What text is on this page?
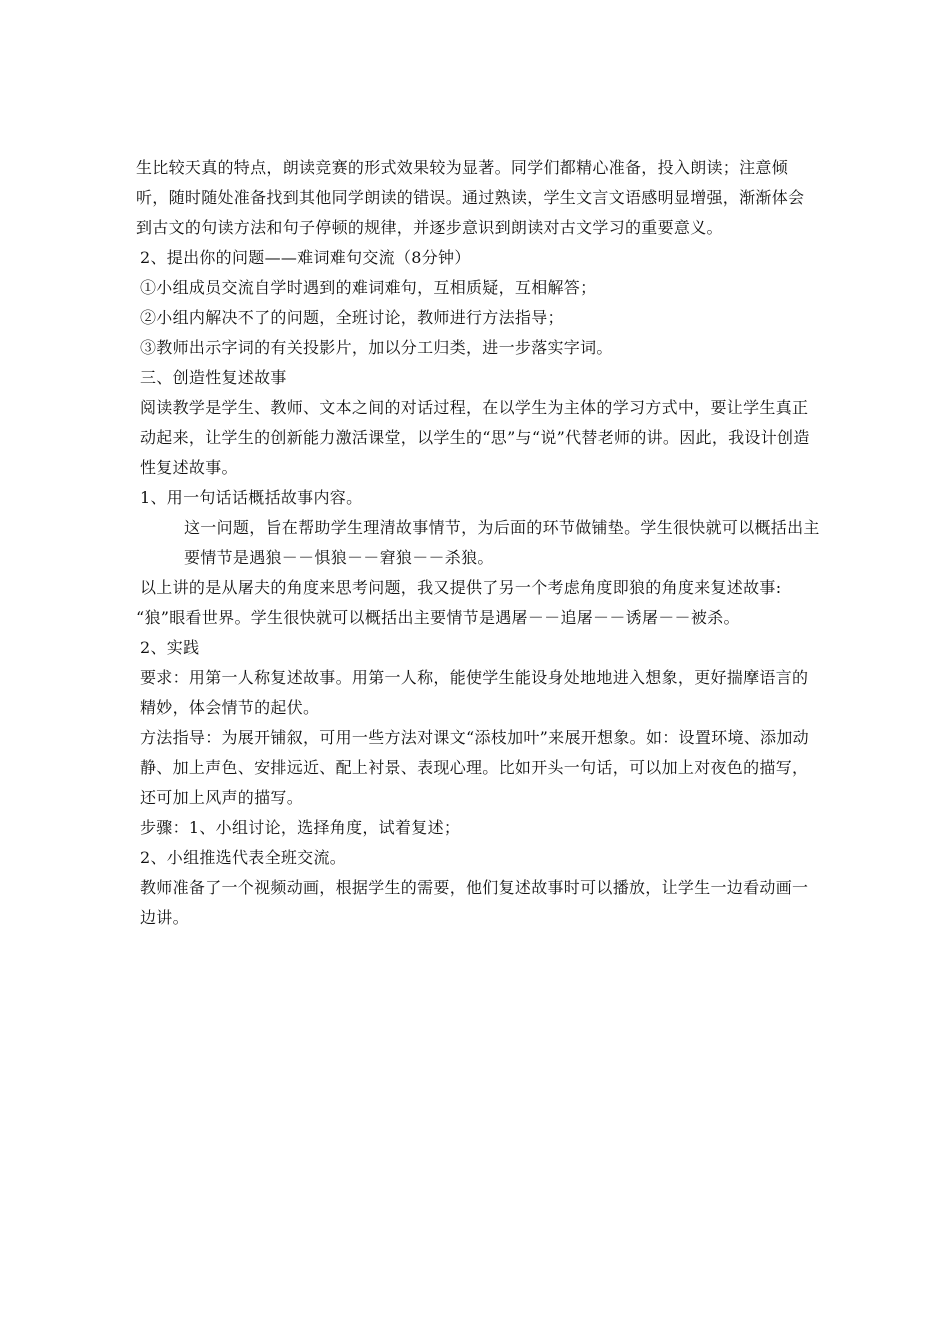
生比较天真的特点，朗读竞赛的形式效果较为显著。同学们都精心准备，投入朗读；注意倾听，随时随处准备找到其他同学朗读的错误。通过熟读，学生文言文语感明显增强，渐渐体会到古文的句读方法和句子停顿的规律，并逐步意识到朗读对古文学习的重要意义。

2、提出你的问题——难词难句交流（8分钟）

①小组成员交流自学时遇到的难词难句，互相质疑，互相解答；

②小组内解决不了的问题，全班讨论，教师进行方法指导；

③教师出示字词的有关投影片，加以分工归类，进一步落实字词。

三、创造性复述故事

阅读教学是学生、教师、文本之间的对话过程，在以学生为主体的学习方式中，要让学生真正动起来，让学生的创新能力激活课堂，以学生的“思”与“说”代替老师的讲。因此，我设计创造性复述故事。

1、用一句话话概括故事内容。

这一问题，旨在帮助学生理清故事情节，为后面的环节做铺垫。学生很快就可以概括出主要情节是遇狼－－惧狼－－窘狼－－杀狼。

以上讲的是从屠夫的角度来思考问题，我又提供了另一个考虑角度即狼的角度来复述故事:

“狼”眼看世界。学生很快就可以概括出主要情节是遇屠－－追屠－－诱屠－－被杀。

2、实践

要求：用第一人称复述故事。用第一人称，能使学生能设身处地地进入想象，更好揣摩语言的精妙，体会情节的起伏。

方法指导：为展开铺叙，可用一些方法对课文“添枝加叶”来展开想象。如：设置环境、添加动静、加上声色、安排远近、配上衬景、表现心理。比如开头一句话，可以加上对夜色的描写，还可加上风声的描写。

步骤：1、小组讨论，选择角度，试着复述；

2、小组推选代表全班交流。

教师准备了一个视频动画，根据学生的需要，他们复述故事时可以播放，让学生一边看动画一边讲。
